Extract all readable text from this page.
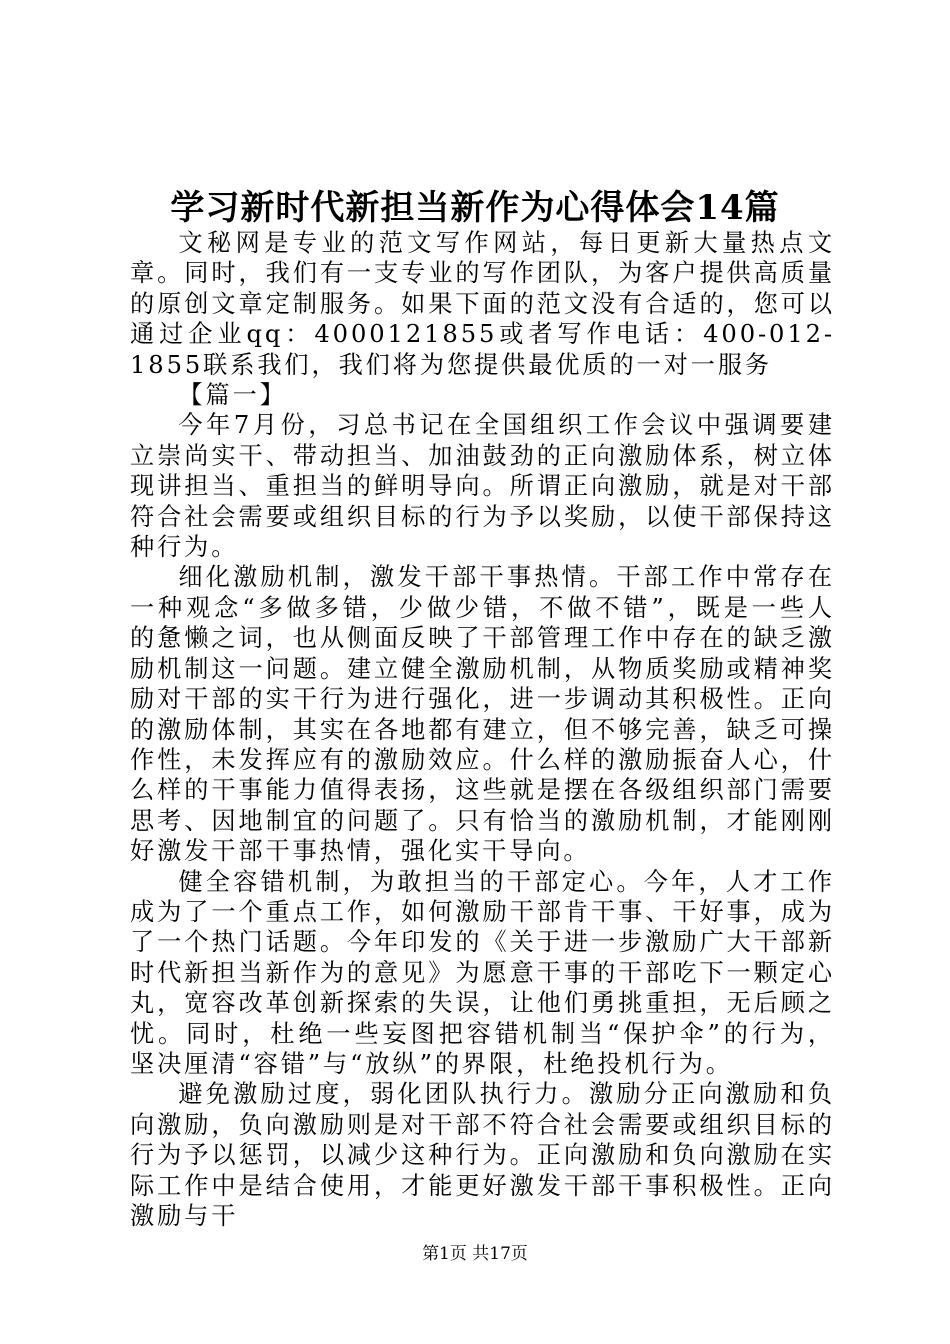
学习新时代新担当新作为心得体会14篇

文秘网是专业的范文写作网站，每日更新大量热点文章。同时，我们有一支专业的写作团队，为客户提供高质量的原创文章定制服务。如果下面的范文没有合适的，您可以通过企业qq：4000121855或者写作电话：400-012-1855联系我们，我们将为您提供最优质的一对一服务

【篇一】

今年7月份，习总书记在全国组织工作会议中强调要建立崇尚实干、带动担当、加油鼓劲的正向激励体系，树立体现讲担当、重担当的鲜明导向。所谓正向激励，就是对干部符合社会需要或组织目标的行为予以奖励，以使干部保持这种行为。

细化激励机制，激发干部干事热情。干部工作中常存在一种观念“多做多错，少做少错，不做不错”，既是一些人的惫懒之词，也从侧面反映了干部管理工作中存在的缺乏激励机制这一问题。建立健全激励机制，从物质奖励或精神奖励对干部的实干行为进行强化，进一步调动其积极性。正向的激励体制，其实在各地都有建立，但不够完善，缺乏可操作性，未发挥应有的激励效应。什么样的激励振奋人心，什么样的干事能力值得表扬，这些就是摆在各级组织部门需要思考、因地制宜的问题了。只有恰当的激励机制，才能刚刚好激发干部干事热情，强化实干导向。

健全容错机制，为敢担当的干部定心。今年，人才工作成为了一个重点工作，如何激励干部肯干事、干好事，成为了一个热门话题。今年印发的《关于进一步激励广大干部新时代新担当新作为的意见》为愿意干事的干部吃下一颗定心丸，宽容改革创新探索的失误，让他们勇挑重担，无后顾之忧。同时，杜绝一些妄图把容错机制当“保护伞”的行为，坚决厘清“容错”与“放纵”的界限，杜绝投机行为。

避免激励过度，弱化团队执行力。激励分正向激励和负向激励，负向激励则是对干部不符合社会需要或组织目标的行为予以惩罚，以减少这种行为。正向激励和负向激励在实际工作中是结合使用，才能更好激发干部干事积极性。正向激励与干

第1页 共17页
